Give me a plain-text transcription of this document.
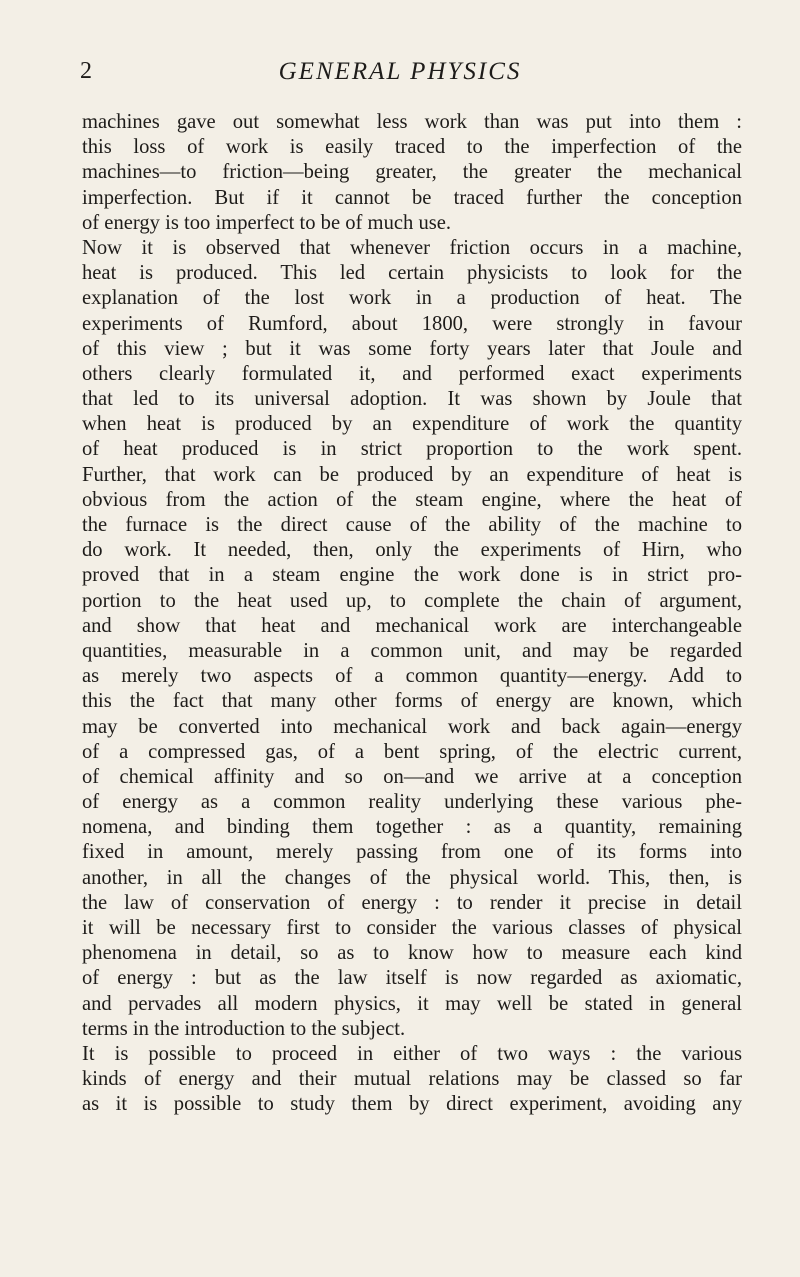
2	GENERAL PHYSICS
machines gave out somewhat less work than was put into them :
this loss of work is easily traced to the imperfection of the
machines—to friction—being greater, the greater the mechanical
imperfection. But if it cannot be traced further the conception
of energy is too imperfect to be of much use.
Now it is observed that whenever friction occurs in a machine,
heat is produced. This led certain physicists to look for the
explanation of the lost work in a production of heat. The
experiments of Rumford, about 1800, were strongly in favour
of this view ; but it was some forty years later that Joule and
others clearly formulated it, and performed exact experiments
that led to its universal adoption. It was shown by Joule that
when heat is produced by an expenditure of work the quantity
of heat produced is in strict proportion to the work spent.
Further, that work can be produced by an expenditure of heat is
obvious from the action of the steam engine, where the heat of
the furnace is the direct cause of the ability of the machine to
do work. It needed, then, only the experiments of Hirn, who
proved that in a steam engine the work done is in strict pro-
portion to the heat used up, to complete the chain of argument,
and show that heat and mechanical work are interchangeable
quantities, measurable in a common unit, and may be regarded
as merely two aspects of a common quantity—energy. Add to
this the fact that many other forms of energy are known, which
may be converted into mechanical work and back again—energy
of a compressed gas, of a bent spring, of the electric current,
of chemical affinity and so on—and we arrive at a conception
of energy as a common reality underlying these various phe-
nomena, and binding them together : as a quantity, remaining
fixed in amount, merely passing from one of its forms into
another, in all the changes of the physical world. This, then, is
the law of conservation of energy : to render it precise in detail
it will be necessary first to consider the various classes of physical
phenomena in detail, so as to know how to measure each kind
of energy : but as the law itself is now regarded as axiomatic,
and pervades all modern physics, it may well be stated in general
terms in the introduction to the subject.
It is possible to proceed in either of two ways : the various
kinds of energy and their mutual relations may be classed so far
as it is possible to study them by direct experiment, avoiding any
